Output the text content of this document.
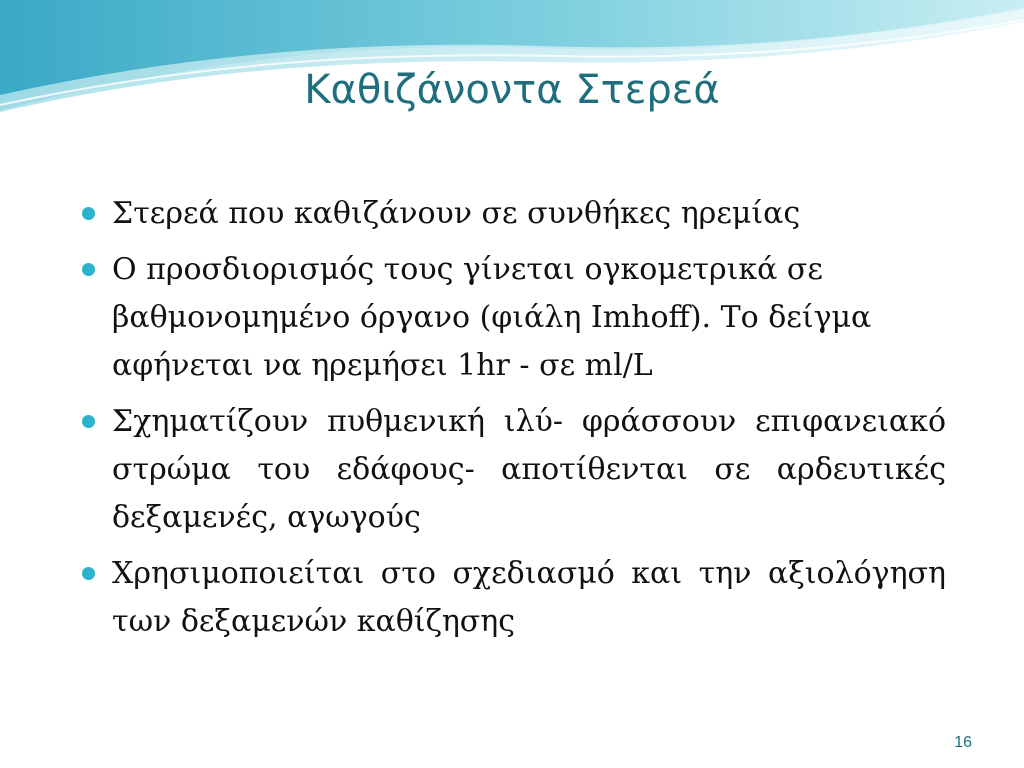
Καθιζάνοντα Στερεά
Στερεά που καθιζάνουν σε συνθήκες ηρεμίας
Ο προσδιορισμός τους γίνεται ογκομετρικά σε βαθμονομημένο όργανο (φιάλη Imhoff). Το δείγμα αφήνεται να ηρεμήσει 1hr - σε ml/L
Σχηματίζουν πυθμενική ιλύ- φράσσουν επιφανειακό στρώμα του εδάφους- αποτίθενται σε αρδευτικές δεξαμενές, αγωγούς
Χρησιμοποιείται στο σχεδιασμό και την αξιολόγηση των δεξαμενών καθίζησης
16
